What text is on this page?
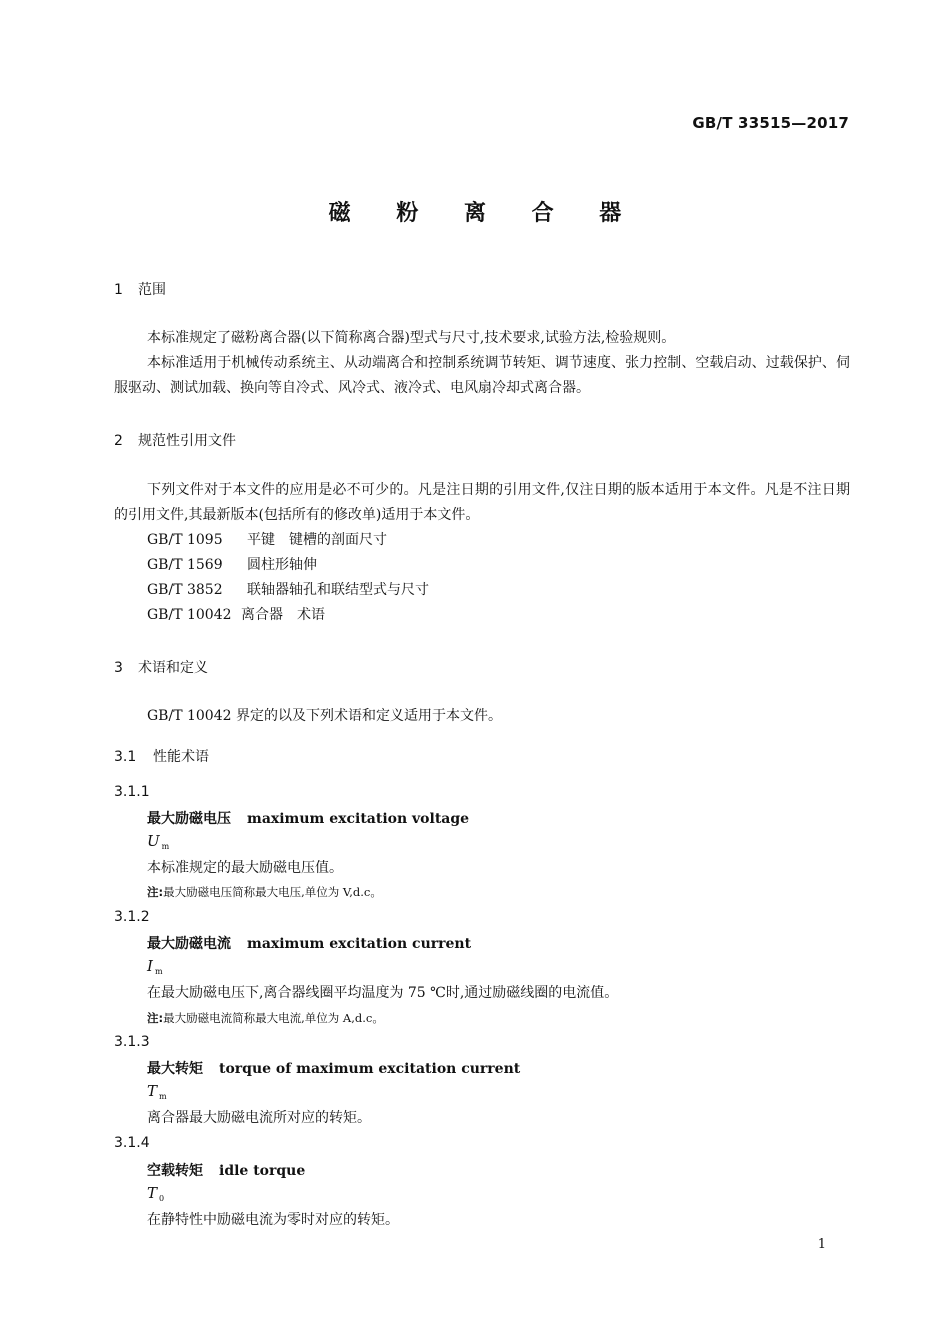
GB/T 33515—2017
磁 粉 离 合 器
1 范围
本标准规定了磁粉离合器(以下简称离合器)型式与尺寸,技术要求,试验方法,检验规则。
本标准适用于机械传动系统主、从动端离合和控制系统调节转矩、调节速度、张力控制、空载启动、过载保护、伺服驱动、测试加载、换向等自冷式、风冷式、液冷式、电风扇冷却式离合器。
2 规范性引用文件
下列文件对于本文件的应用是必不可少的。凡是注日期的引用文件,仅注日期的版本适用于本文件。凡是不注日期的引用文件,其最新版本(包括所有的修改单)适用于本文件。
GB/T 1095 平键　键槽的剖面尺寸
GB/T 1569 圆柱形轴伸
GB/T 3852 联轴器轴孔和联结型式与尺寸
GB/T 10042 离合器　术语
3 术语和定义
GB/T 10042 界定的以及下列术语和定义适用于本文件。
3.1 性能术语
3.1.1
最大励磁电压 maximum excitation voltage
U $_m$
本标准规定的最大励磁电压值。
注:最大励磁电压简称最大电压,单位为 V,d.c。
3.1.2
最大励磁电流 maximum excitation current
I $_m$
在最大励磁电压下,离合器线圈平均温度为 75 ℃时,通过励磁线圈的电流值。
注:最大励磁电流简称最大电流,单位为 A,d.c。
3.1.3
最大转矩 torque of maximum excitation current
T $_m$
离合器最大励磁电流所对应的转矩。
3.1.4
空载转矩 idle torque
T $_0$
在静特性中励磁电流为零时对应的转矩。
1
